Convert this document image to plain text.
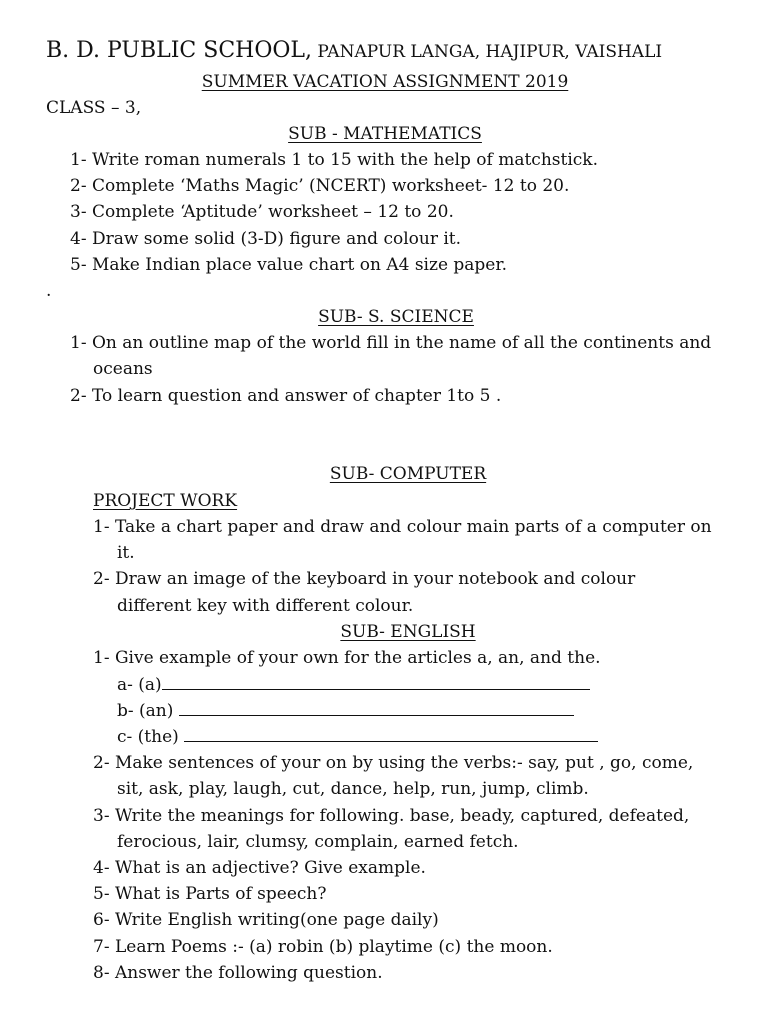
B. D. PUBLIC SCHOOL, PANAPUR LANGA, HAJIPUR, VAISHALI
SUMMER VACATION ASSIGNMENT 2019
CLASS – 3,
SUB - MATHEMATICS
1- Write roman numerals 1 to 15 with the help of matchstick.
2- Complete ‘Maths Magic’ (NCERT) worksheet- 12 to 20.
3- Complete ‘Aptitude’ worksheet – 12 to 20.
4- Draw some solid (3-D) figure and colour it.
5- Make Indian place value chart on A4 size paper.
.
SUB- S. SCIENCE
1- On an outline map of the world fill in the name of all the continents and
oceans
2- To learn question and answer of chapter 1to 5 .
SUB- COMPUTER
PROJECT WORK
1- Take a chart paper and draw and colour main parts of a computer on
it.
2- Draw an image of the keyboard in your notebook and colour
different key with different colour.
SUB- ENGLISH
1- Give example of your own for the articles a, an, and the.
a- (a)
b- (an)
c- (the)
2- Make sentences of your on by using the verbs:- say, put , go, come,
sit, ask, play, laugh, cut, dance, help, run, jump, climb.
3- Write the meanings for following. base, beady, captured, defeated,
ferocious, lair, clumsy, complain, earned fetch.
4- What is an adjective? Give example.
5- What is Parts of speech?
6- Write English writing(one page daily)
7- Learn Poems :- (a) robin (b) playtime (c) the moon.
8- Answer the following question.
